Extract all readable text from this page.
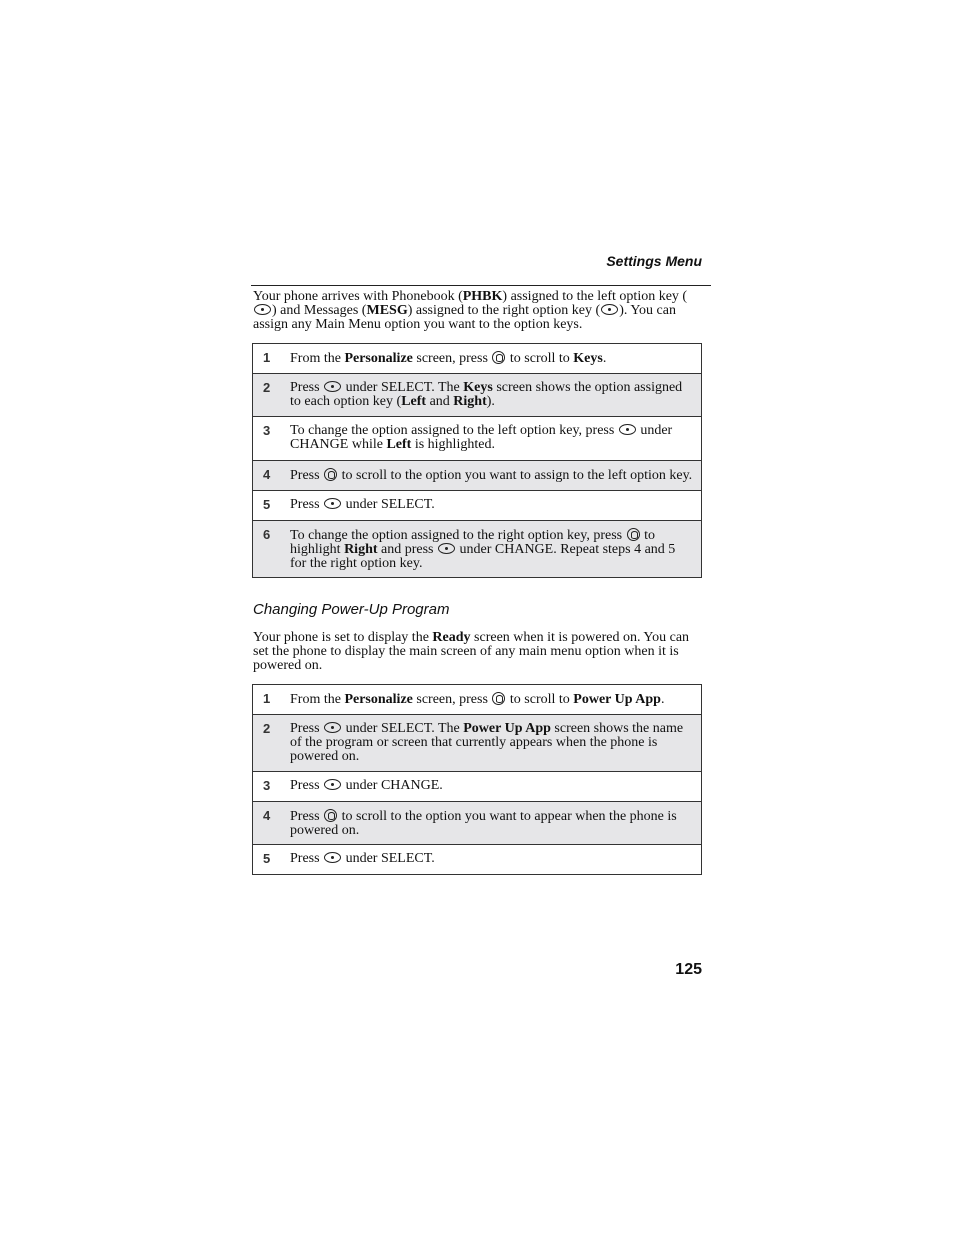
Settings Menu

Your phone arrives with Phonebook (PHBK) assigned to the left option key () and Messages (MESG) assigned to the right option key ( ). You can assign any Main Menu option you want to the option keys.

1	From the Personalize screen, press  to scroll to Keys.

2	Press  under SELECT. The Keys screen shows the option assigned to each option key (Left and Right).

3	To change the option assigned to the left option key, press  under CHANGE while Left is highlighted.

4	Press  to scroll to the option you want to assign to the left option key.

5	Press  under SELECT.

6	To change the option assigned to the right option key, press  to highlight Right and press  under CHANGE. Repeat steps 4 and 5 for the right option key.
Changing Power-Up Program

Your phone is set to display the Ready screen when it is powered on. You can set the phone to display the main screen of any main menu option when it is powered on.

1	From the Personalize screen, press  to scroll to Power Up App.

2	Press  under SELECT. The Power Up App screen shows the name of the program or screen that currently appears when the phone is powered on.

3	Press  under CHANGE.

4	Press  to scroll to the option you want to appear when the phone is powered on.

5	Press  under SELECT.
125
